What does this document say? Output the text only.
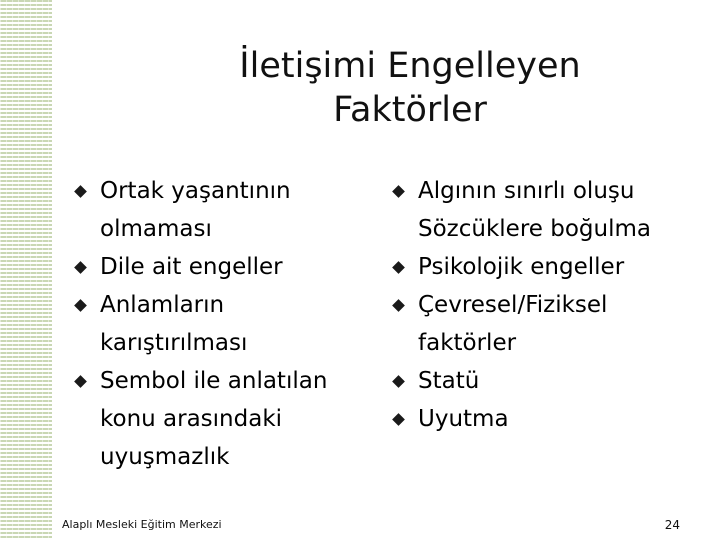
İletişimi Engelleyen
Faktörler
Ortak yaşantının
olmaması
Dile ait engeller
Anlamların
karıştırılması
Sembol ile anlatılan
konu arasındaki
uyuşmazlık
Algının sınırlı oluşu
Sözcüklere boğulma
Psikolojik engeller
Çevresel/Fiziksel
faktörler
Statü
Uyutma
Alaplı Mesleki Eğitim Merkezi	24
